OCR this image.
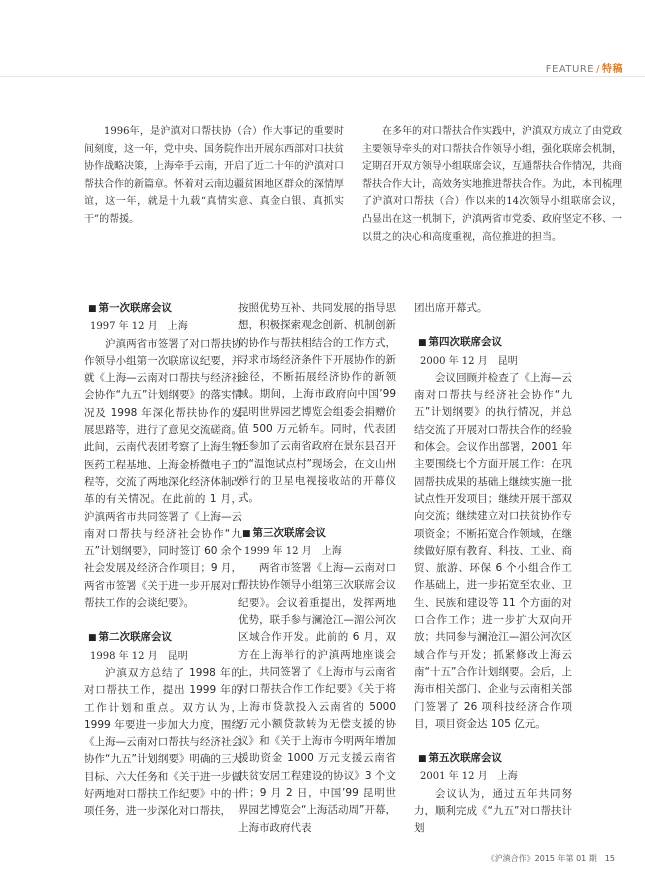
FEATURE / 特稿

1996年，是沪滇对口帮扶协（合）作大事记的重要时间刻度，这一年，党中央、国务院作出开展东西部对口扶贫协作战略决策，上海牵手云南，开启了近二十年的沪滇对口帮扶合作的新篇章。怀着对云南边疆贫困地区群众的深情厚谊，这一年，就是十九载“真情实意、真金白银、真抓实干”的帮援。

在多年的对口帮扶合作实践中，沪滇双方成立了由党政主要领导牵头的对口帮扶合作领导小组，强化联席会机制，定期召开双方领导小组联席会议，互通帮扶合作情况，共商帮扶合作大计，高效务实地推进帮扶合作。为此，本刊梳理了沪滇对口帮扶（合）作以来的14次领导小组联席会议，凸显出在这一机制下，沪滇两省市党委、政府坚定不移、一以贯之的决心和高度重视，高位推进的担当。

■ 第一次联席会议

1997 年 12 月　上海

沪滇两省市签署了对口帮扶协作领导小组第一次联席议纪要，并就《上海—云南对口帮扶与经济社会协作“九五”计划纲要》的落实情况及 1998 年深化帮扶协作的发展思路等，进行了意见交流磋商。此间，云南代表团考察了上海生物医药工程基地、上海金桥微电子工程等，交流了两地深化经济体制改革的有关情况。在此前的 1 月，沪滇两省市共同签署了《上海—云南对口帮扶与经济社会协作“九五”计划纲要》，同时签订 60 余个社会发展及经济合作项目；9 月，两省市签署《关于进一步开展对口帮扶工作的会谈纪要》。

■ 第二次联席会议

1998 年 12 月　昆明

沪滇双方总结了 1998 年的对口帮扶工作，提出 1999 年的工作计划和重点。双方认为，1999 年要进一步加大力度，围绕《上海—云南对口帮扶与经济社会协作“九五”计划纲要》明确的三大目标、六大任务和《关于进一步做好两地对口帮扶工作纪要》中的十项任务，进一步深化对口帮扶，

按照优势互补、共同发展的指导思想，积极探索观念创新、机制创新的协作与帮扶相结合的工作方式，寻求市场经济条件下开展协作的新途径，不断拓展经济协作的新领域。期间，上海市政府向中国’99昆明世界园艺博览会组委会捐赠价值 500 万元轿车。同时，代表团还参加了云南省政府在景东县召开的“温饱试点村”现场会，在文山州举行的卫星电视接收站的开幕仪式。

■ 第三次联席会议

1999 年 12 月　上海

两省市签署《上海—云南对口帮扶协作领导小组第三次联席会议纪要》。会议着重提出，发挥两地优势，联手参与澜沧江—湄公河次区域合作开发。此前的 6 月，双方在上海举行的沪滇两地座谈会上，共同签署了《上海市与云南省对口帮扶合作工作纪要》《关于将上海市贷款投入云南省的 5000 万元小额贷款转为无偿支援的协议》和《关于上海市今明两年增加援助资金 1000 万元支援云南省扶贫安居工程建设的协议》3 个文件；9 月 2 日，中国’99 昆明世界园艺博览会“上海活动周”开幕，上海市政府代表

团出席开幕式。

■ 第四次联席会议

2000 年 12 月　昆明

会议回顾并检查了《上海—云南对口帮扶与经济社会协作“九五”计划纲要》的执行情况，并总结交流了开展对口帮扶合作的经验和体会。会议作出部署，2001 年主要围绕七个方面开展工作：在巩固帮扶成果的基础上继续实施一批试点性开发项目；继续开展干部双向交流；继续建立对口扶贫协作专项资金；不断拓宽合作领域，在继续做好原有教育、科技、工业、商贸、旅游、环保 6 个小组合作工作基础上，进一步拓宽至农业、卫生、民族和建设等 11 个方面的对口合作工作；进一步扩大双向开放；共同参与澜沧江—湄公河次区域合作与开发；抓紧修改上海云南“十五”合作计划纲要。会后，上海市相关部门、企业与云南相关部门签署了 26 项科技经济合作项目，项目资金达 105 亿元。

■ 第五次联席会议

2001 年 12 月　上海

会议认为，通过五年共同努力，顺利完成《“九五”对口帮扶计划

《沪滇合作》2015 年第 01 期　15
